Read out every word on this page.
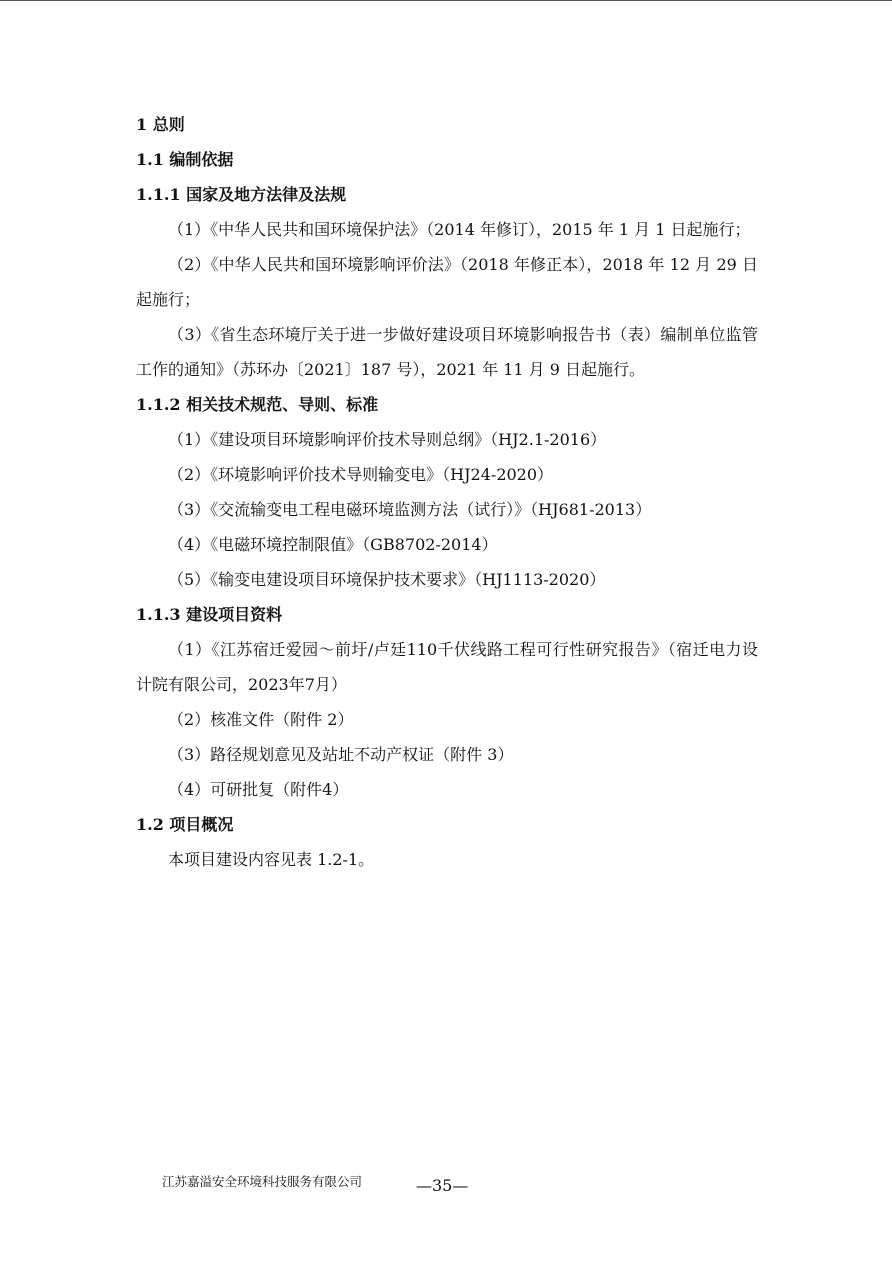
1 总则
1.1 编制依据
1.1.1 国家及地方法律及法规
（1）《中华人民共和国环境保护法》（2014 年修订），2015 年 1 月 1 日起施行；
（2）《中华人民共和国环境影响评价法》（2018 年修正本），2018 年 12 月 29 日起施行；
（3）《省生态环境厅关于进一步做好建设项目环境影响报告书（表）编制单位监管工作的通知》（苏环办〔2021〕187 号），2021 年 11 月 9 日起施行。
1.1.2 相关技术规范、导则、标准
（1）《建设项目环境影响评价技术导则总纲》（HJ2.1-2016）
（2）《环境影响评价技术导则输变电》（HJ24-2020）
（3）《交流输变电工程电磁环境监测方法（试行）》（HJ681-2013）
（4）《电磁环境控制限值》（GB8702-2014）
（5）《输变电建设项目环境保护技术要求》（HJ1113-2020）
1.1.3 建设项目资料
（1）《江苏宿迁爱园～前圩/卢廷110千伏线路工程可行性研究报告》（宿迁电力设计院有限公司，2023年7月）
（2）核准文件（附件 2）
（3）路径规划意见及站址不动产权证（附件 3）
（4）可研批复（附件4）
1.2 项目概况
本项目建设内容见表 1.2-1。
江苏嘉溢安全环境科技服务有限公司	—35—
